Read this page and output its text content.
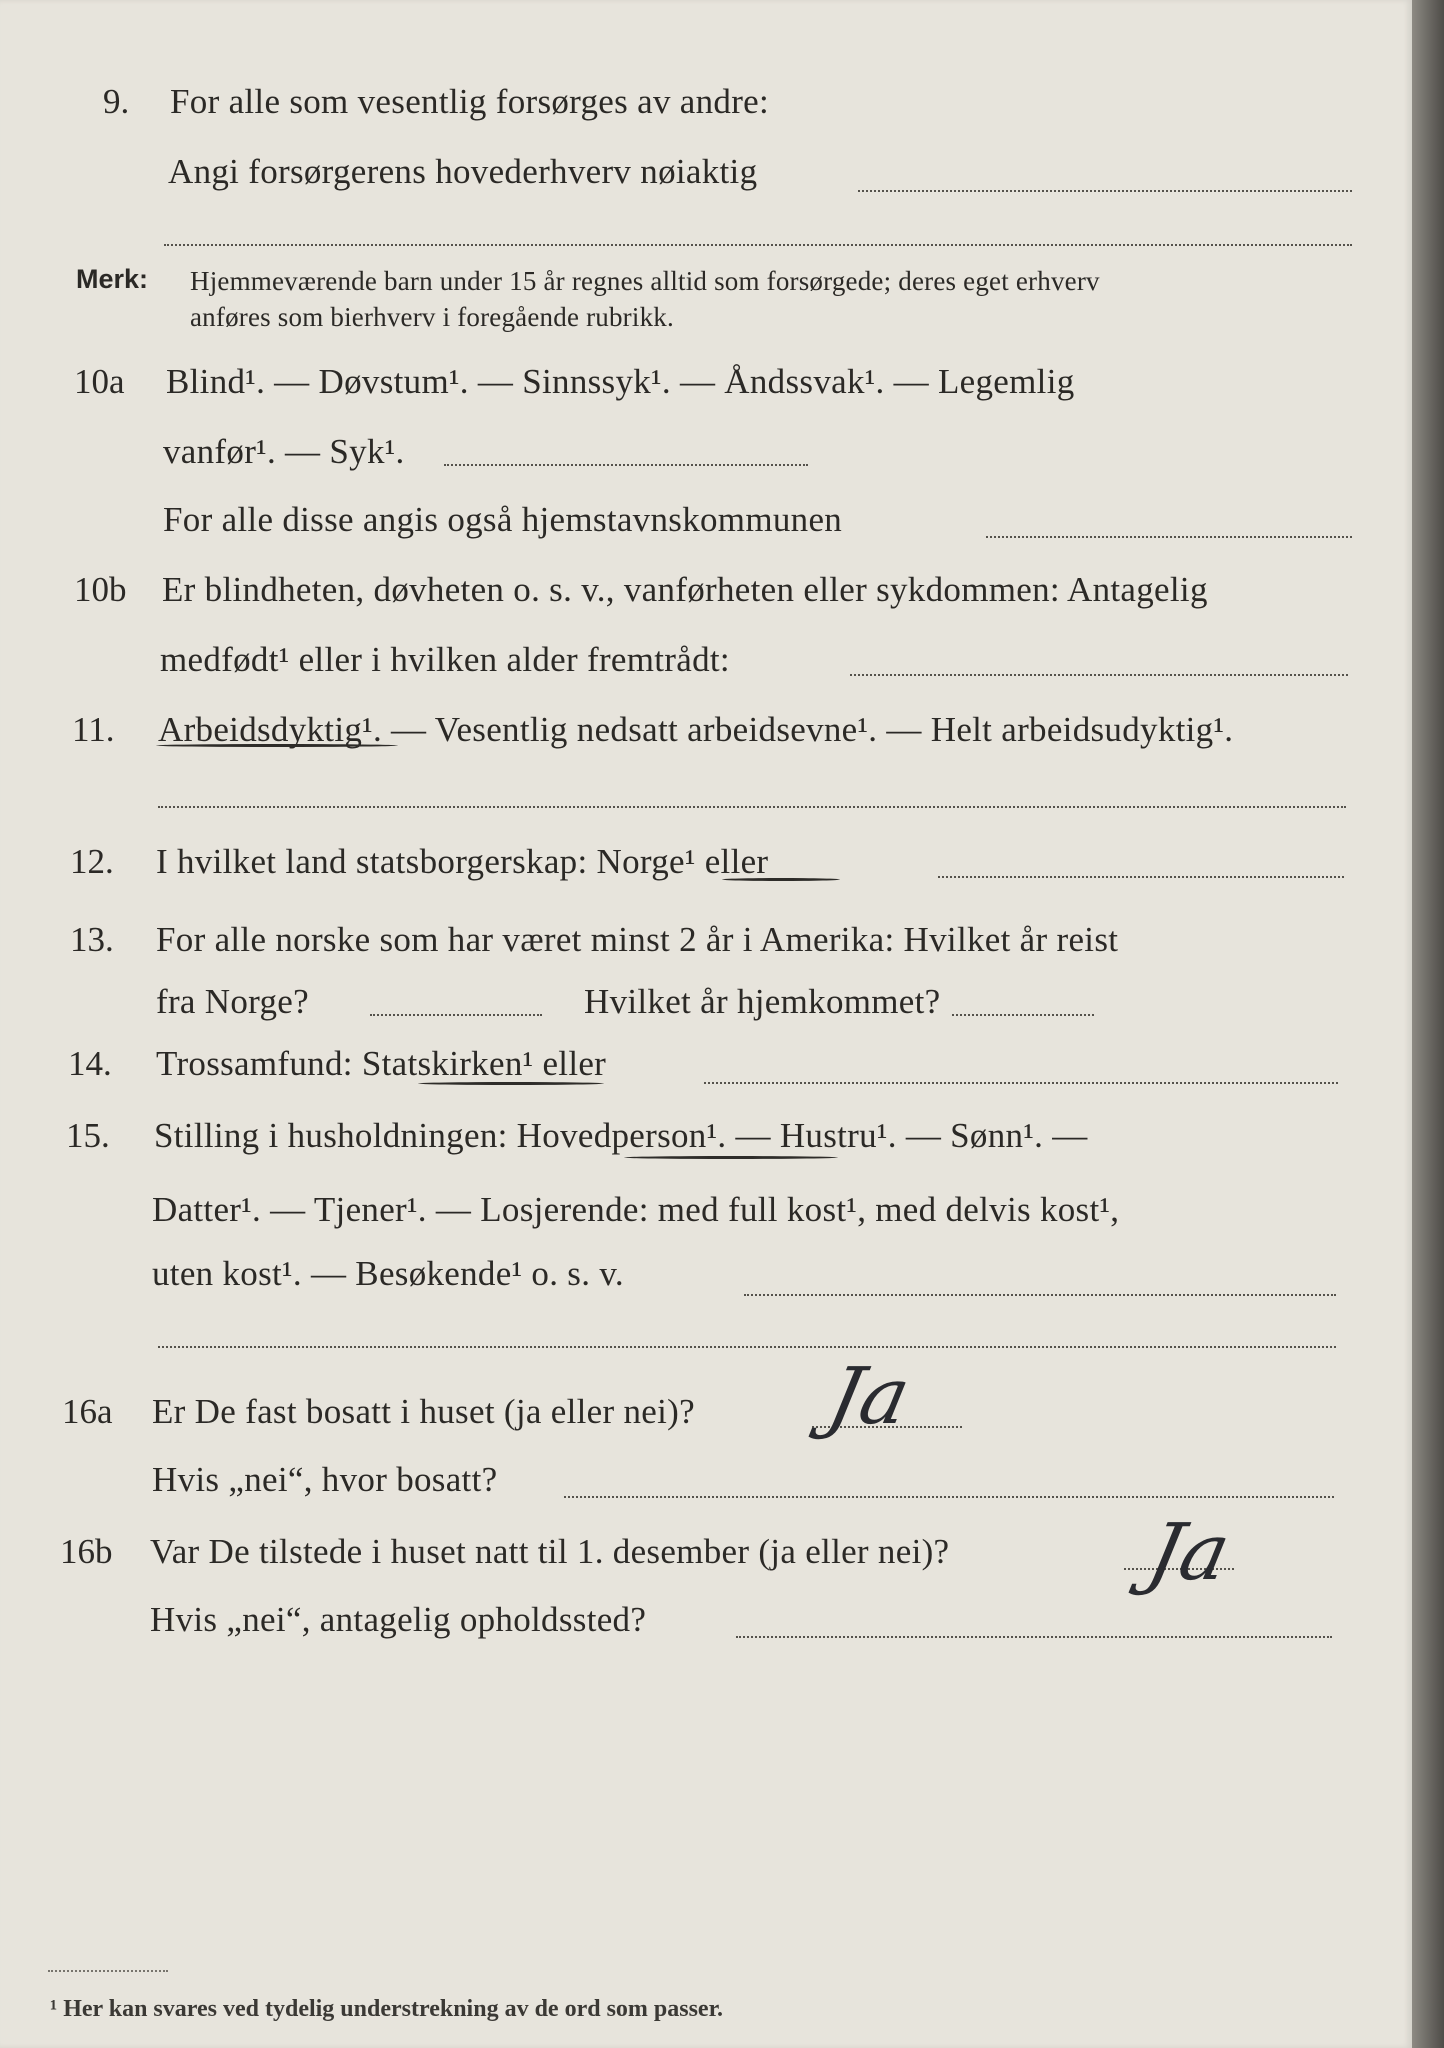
9. For alle som vesentlig forsørges av andre:
Angi forsørgerens hovederhverv nøiaktig
Merk: Hjemmeværende barn under 15 år regnes alltid som forsørgede; deres eget erhverv
anføres som bierhverv i foregående rubrikk.
10a Blind¹. — Døvstum¹. — Sinnssyk¹. — Åndssvak¹. — Legemlig
vanfør¹. — Syk¹.
For alle disse angis også hjemstavnskommunen
10b Er blindheten, døvheten o. s. v., vanførheten eller sykdommen: Antagelig
medfødt¹ eller i hvilken alder fremtrådt:
11. Arbeidsdyktig¹. — Vesentlig nedsatt arbeidsevne¹. — Helt arbeidsudyktig¹.
12. I hvilket land statsborgerskap: Norge¹ eller
13. For alle norske som har været minst 2 år i Amerika: Hvilket år reist
fra Norge?	Hvilket år hjemkommet?
14. Trossamfund: Statskirken¹ eller
15. Stilling i husholdningen: Hovedperson¹. — Hustru¹. — Sønn¹. —
Datter¹. — Tjener¹. — Losjerende: med full kost¹, med delvis kost¹,
uten kost¹. — Besøkende¹ o. s. v.
16a Er De fast bosatt i huset (ja eller nei)? Ja
Hvis „nei“, hvor bosatt?
16b Var De tilstede i huset natt til 1. desember (ja eller nei)? Ja
Hvis „nei“, antagelig opholdssted?
¹ Her kan svares ved tydelig understrekning av de ord som passer.
